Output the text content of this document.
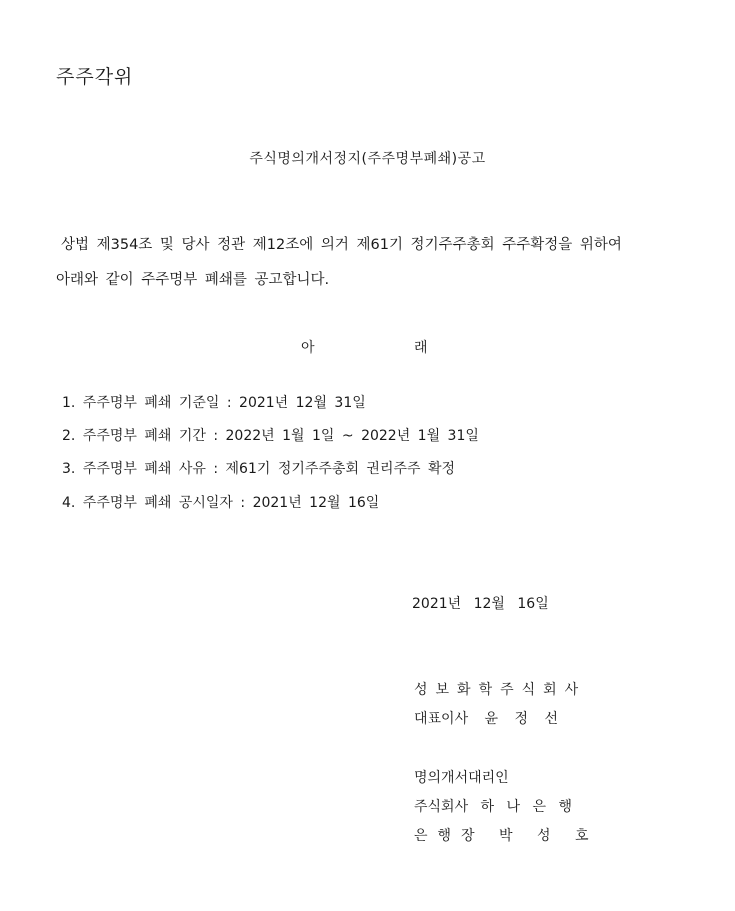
주주각위
주식명의개서정지(주주명부폐쇄)공고
상법 제354조 및 당사 정관 제12조에 의거 제61기 정기주주총회 주주확정을 위하여
아래와 같이 주주명부 폐쇄를 공고합니다.
아	래
1. 주주명부 폐쇄 기준일 : 2021년 12월 31일
2. 주주명부 폐쇄 기간 : 2022년 1월 1일 ~ 2022년 1월 31일
3. 주주명부 폐쇄 사유 : 제61기 정기주주총회 권리주주 확정
4. 주주명부 폐쇄 공시일자 : 2021년 12월 16일
2021년 12월 16일
성보화학주식회사
대표이사 윤 정 선
명의개서대리인
주식회사 하 나 은 행
은행장 박 성 호
